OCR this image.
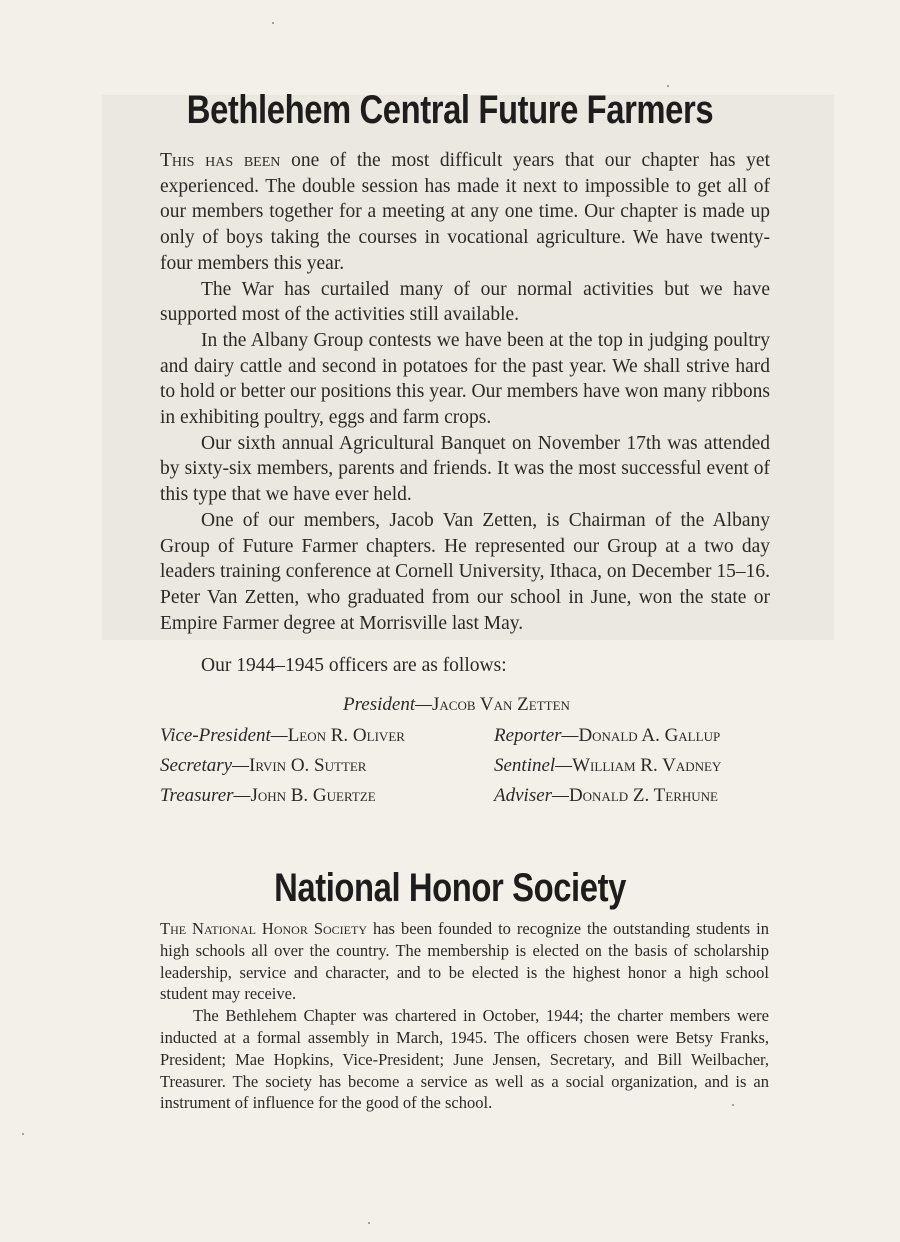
Bethlehem Central Future Farmers

This has been one of the most difficult years that our chapter has yet experienced. The double session has made it next to impossible to get all of our members together for a meeting at any one time. Our chapter is made up only of boys taking the courses in vocational agriculture. We have twenty-four members this year.

The War has curtailed many of our normal activities but we have supported most of the activities still available.

In the Albany Group contests we have been at the top in judging poultry and dairy cattle and second in potatoes for the past year. We shall strive hard to hold or better our positions this year. Our members have won many ribbons in exhibiting poultry, eggs and farm crops.

Our sixth annual Agricultural Banquet on November 17th was attended by sixty-six members, parents and friends. It was the most successful event of this type that we have ever held.

One of our members, Jacob Van Zetten, is Chairman of the Albany Group of Future Farmer chapters. He represented our Group at a two day leaders training conference at Cornell University, Ithaca, on December 15–16. Peter Van Zetten, who graduated from our school in June, won the state or Empire Farmer degree at Morrisville last May.

Our 1944–1945 officers are as follows:
President—Jacob Van Zetten
Vice-President—Leon R. Oliver
Secretary—Irvin O. Sutter
Treasurer—John B. Guertze
Reporter—Donald A. Gallup
Sentinel—William R. Vadney
Adviser—Donald Z. Terhune
National Honor Society

The National Honor Society has been founded to recognize the outstanding students in high schools all over the country. The membership is elected on the basis of scholarship leadership, service and character, and to be elected is the highest honor a high school student may receive.

The Bethlehem Chapter was chartered in October, 1944; the charter members were inducted at a formal assembly in March, 1945. The officers chosen were Betsy Franks, President; Mae Hopkins, Vice-President; June Jensen, Secretary, and Bill Weilbacher, Treasurer. The society has become a service as well as a social organization, and is an instrument of influence for the good of the school.
